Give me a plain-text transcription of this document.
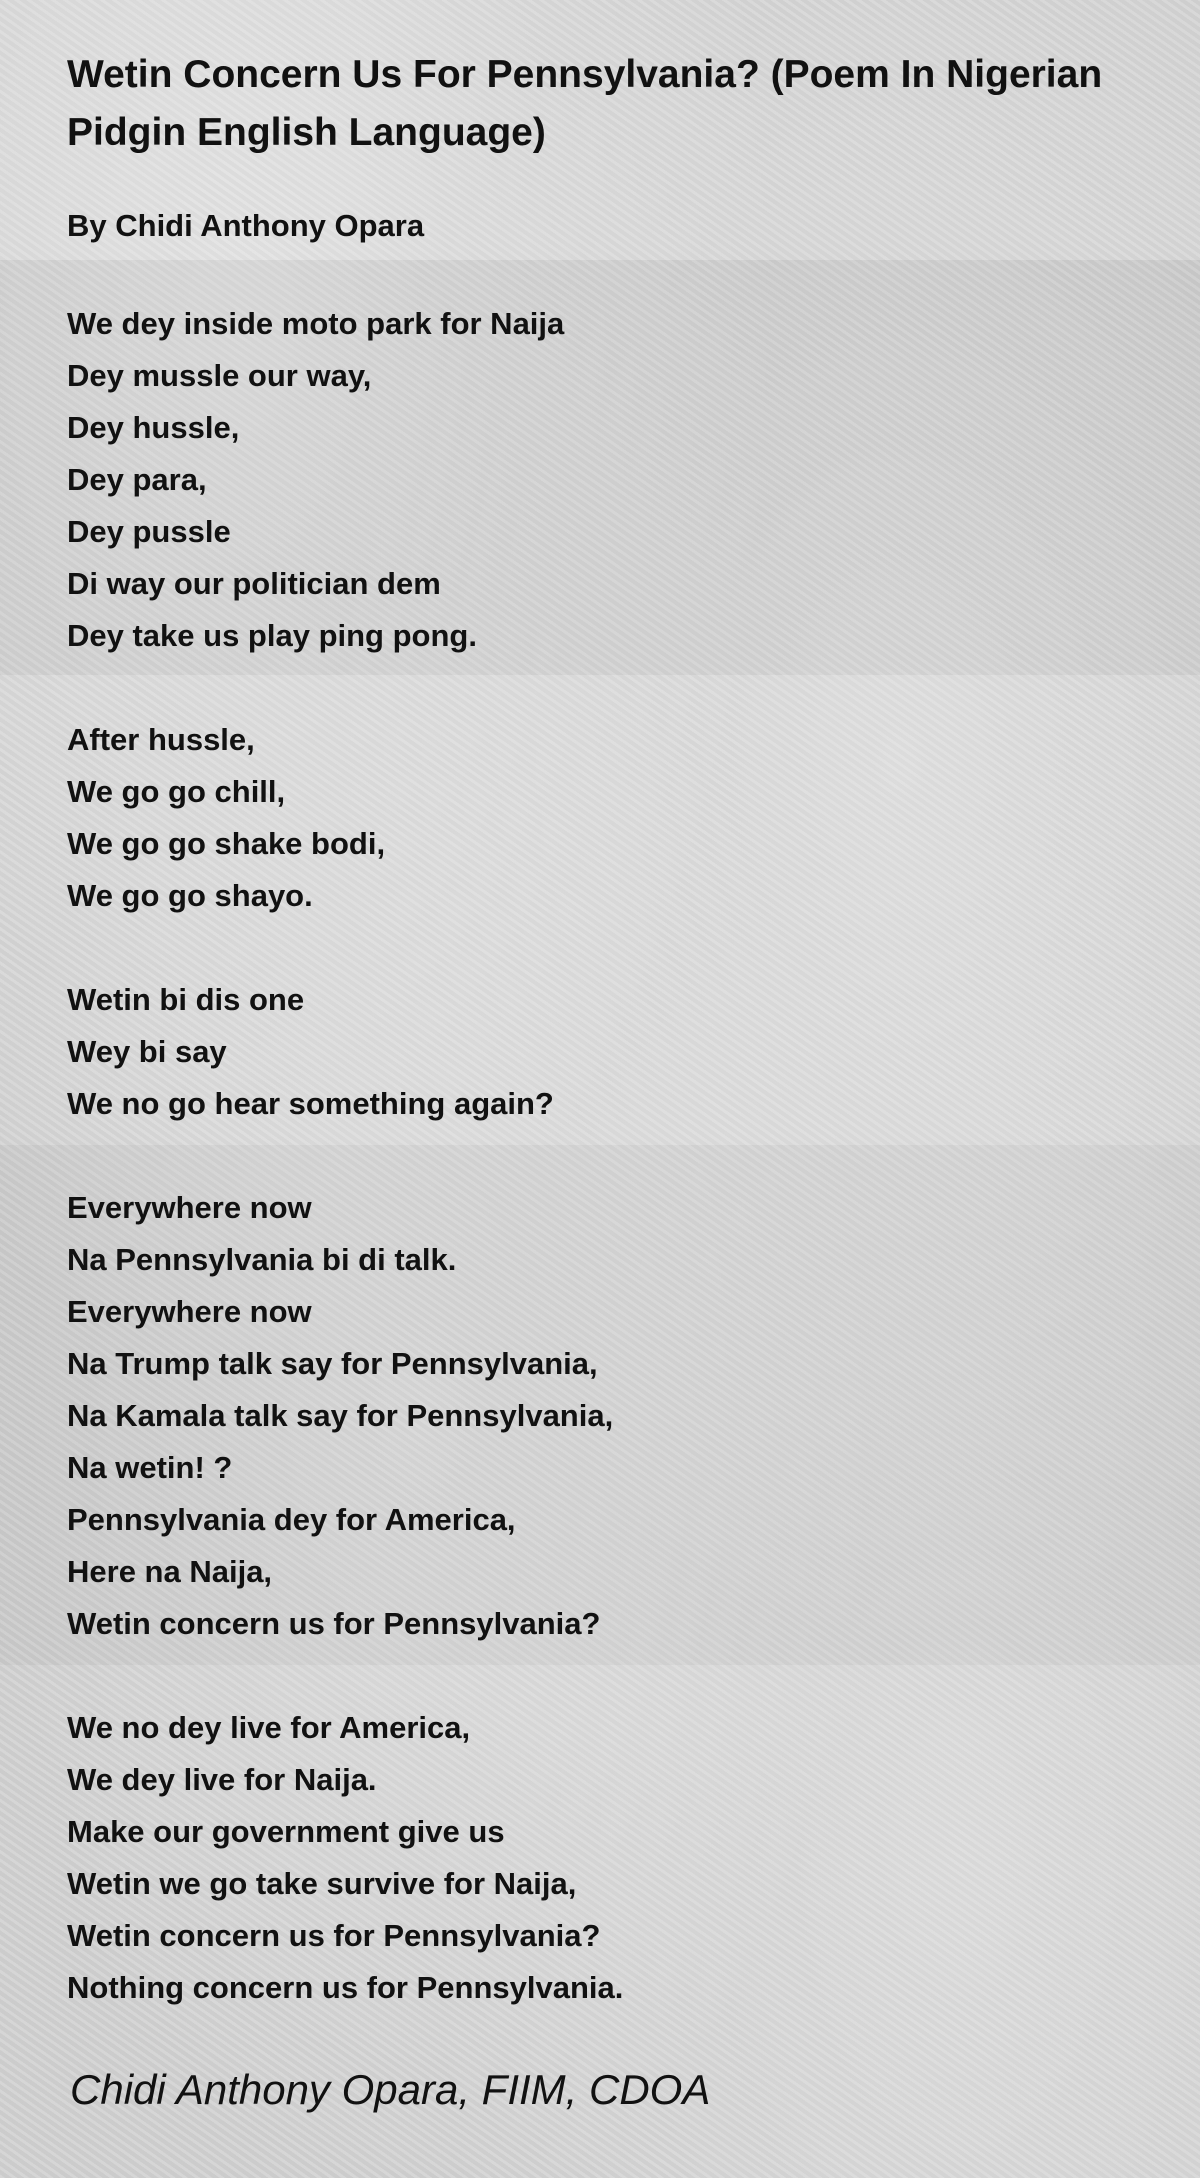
Wetin Concern Us For Pennsylvania? (Poem In Nigerian Pidgin English Language)

By Chidi Anthony Opara

We dey inside moto park for Naija
Dey mussle our way,
Dey hussle,
Dey para,
Dey pussle
Di way our politician dem
Dey take us play ping pong.
After hussle,
We go go chill,
We go go shake bodi,
We go go shayo.
Wetin bi dis one
Wey bi say
We no go hear something again?
Everywhere now
Na Pennsylvania bi di talk.
Everywhere now
Na Trump talk say for Pennsylvania,
Na Kamala talk say for Pennsylvania,
Na wetin! ?
Pennsylvania dey for America,
Here na Naija,
Wetin concern us for Pennsylvania?
We no dey live for America,
We dey live for Naija.
Make our government give us
Wetin we go take survive for Naija,
Wetin concern us for Pennsylvania?
Nothing concern us for Pennsylvania.

Chidi Anthony Opara, FIIM, CDOA
